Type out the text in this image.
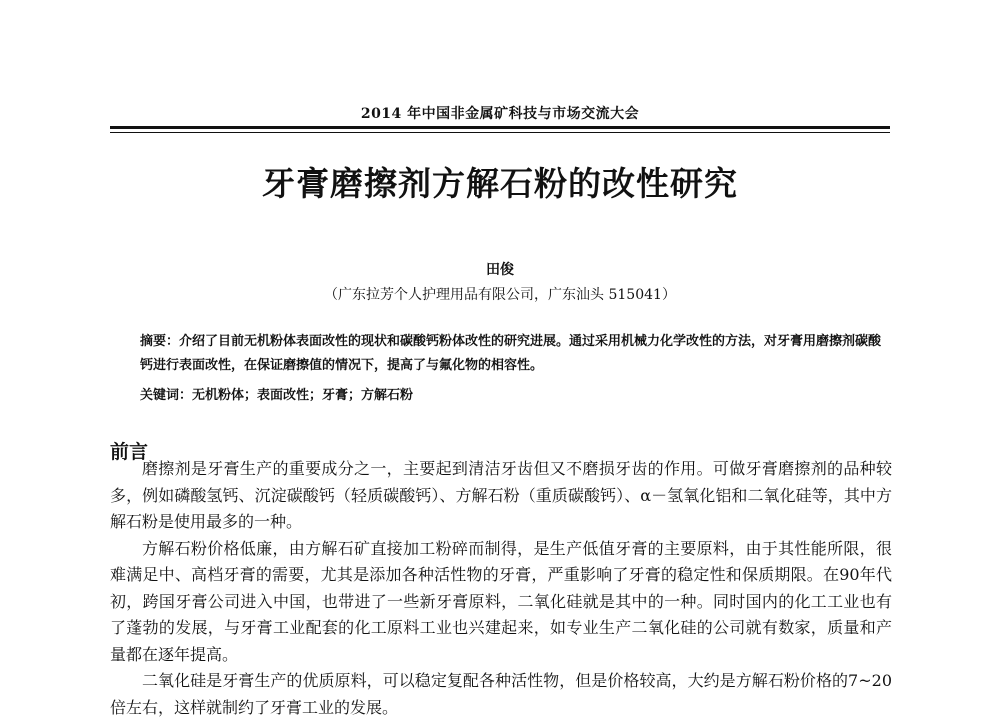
2014 年中国非金属矿科技与市场交流大会
牙膏磨擦剂方解石粉的改性研究
田俊
（广东拉芳个人护理用品有限公司，广东汕头 515041）

摘要：介绍了目前无机粉体表面改性的现状和碳酸钙粉体改性的研究进展。通过采用机械力化学改性的方法，对牙膏用磨擦剂碳酸钙进行表面改性，在保证磨擦值的情况下，提高了与氟化物的相容性。

关键词：无机粉体；表面改性；牙膏；方解石粉

前言

磨擦剂是牙膏生产的重要成分之一，主要起到清洁牙齿但又不磨损牙齿的作用。可做牙膏磨擦剂的品种较多，例如磷酸氢钙、沉淀碳酸钙（轻质碳酸钙）、方解石粉（重质碳酸钙）、α－氢氧化铝和二氧化硅等，其中方解石粉是使用最多的一种。

方解石粉价格低廉，由方解石矿直接加工粉碎而制得，是生产低值牙膏的主要原料，由于其性能所限，很难满足中、高档牙膏的需要，尤其是添加各种活性物的牙膏，严重影响了牙膏的稳定性和保质期限。在90年代初，跨国牙膏公司进入中国，也带进了一些新牙膏原料，二氧化硅就是其中的一种。同时国内的化工工业也有了蓬勃的发展，与牙膏工业配套的化工原料工业也兴建起来，如专业生产二氧化硅的公司就有数家，质量和产量都在逐年提高。

二氧化硅是牙膏生产的优质原料，可以稳定复配各种活性物，但是价格较高，大约是方解石粉价格的7~20倍左右，这样就制约了牙膏工业的发展。
